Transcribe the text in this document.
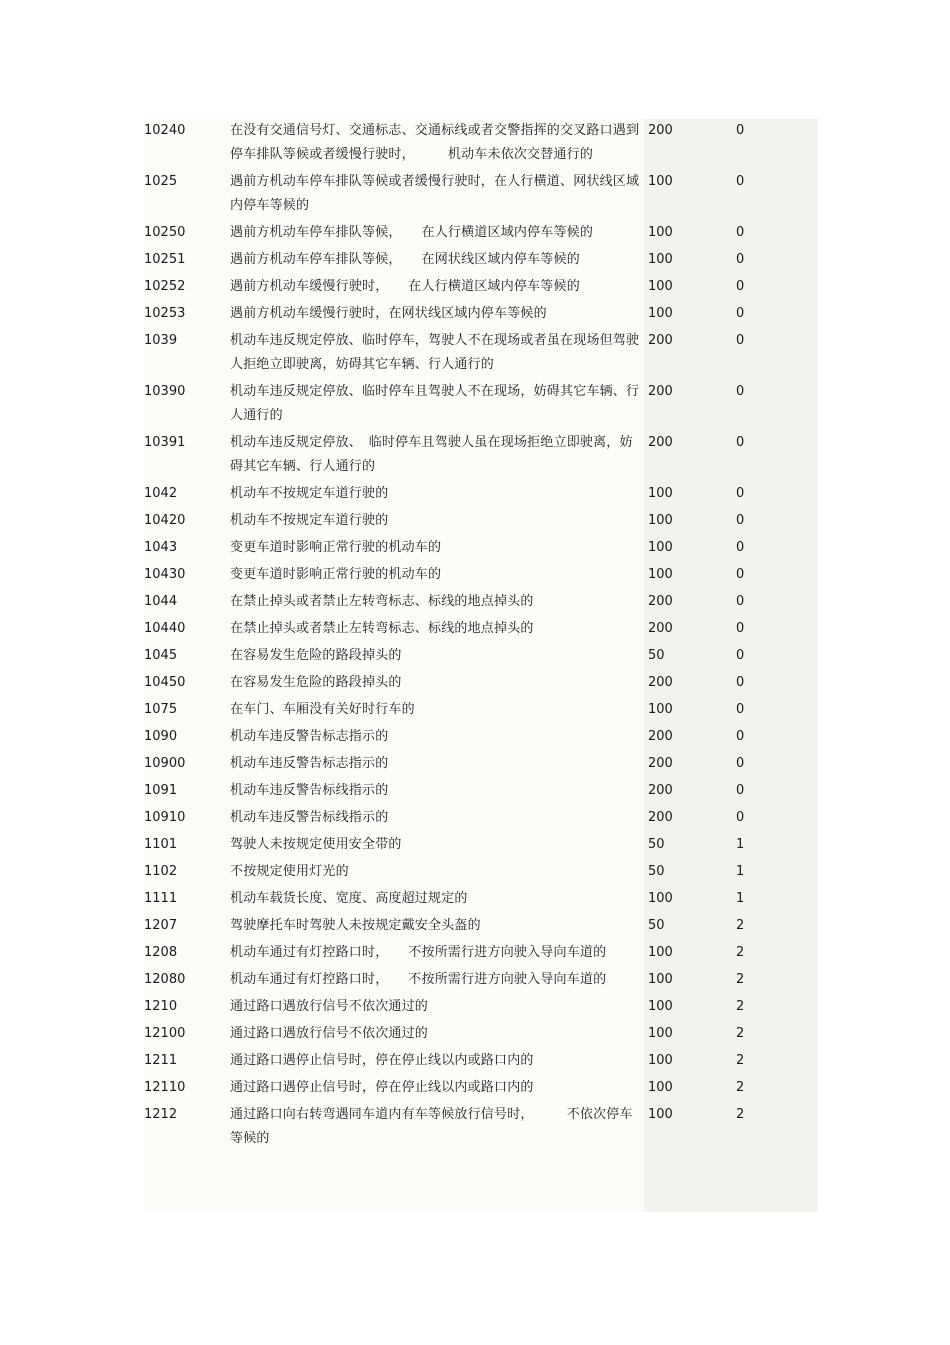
10240	在没有交通信号灯、交通标志、交通标线或者交警指挥的交叉路口遇到停车排队等候或者缓慢行驶时，　　　机动车未依次交替通行的	200	0
1025	遇前方机动车停车排队等候或者缓慢行驶时，在人行横道、网状线区域内停车等候的	100	0
10250	遇前方机动车停车排队等候，　　在人行横道区域内停车等候的	100	0
10251	遇前方机动车停车排队等候，　　在网状线区域内停车等候的	100	0
10252	遇前方机动车缓慢行驶时，　　在人行横道区域内停车等候的	100	0
10253	遇前方机动车缓慢行驶时，在网状线区域内停车等候的	100	0
1039	机动车违反规定停放、临时停车，驾驶人不在现场或者虽在现场但驾驶人拒绝立即驶离，妨碍其它车辆、行人通行的	200	0
10390	机动车违反规定停放、临时停车且驾驶人不在现场，妨碍其它车辆、行人通行的	200	0
10391	机动车违反规定停放、　临时停车且驾驶人虽在现场拒绝立即驶离，妨碍其它车辆、行人通行的	200	0
1042	机动车不按规定车道行驶的	100	0
10420	机动车不按规定车道行驶的	100	0
1043	变更车道时影响正常行驶的机动车的	100	0
10430	变更车道时影响正常行驶的机动车的	100	0
1044	在禁止掉头或者禁止左转弯标志、标线的地点掉头的	200	0
10440	在禁止掉头或者禁止左转弯标志、标线的地点掉头的	200	0
1045	在容易发生危险的路段掉头的	50	0
10450	在容易发生危险的路段掉头的	200	0
1075	在车门、车厢没有关好时行车的	100	0
1090	机动车违反警告标志指示的	200	0
10900	机动车违反警告标志指示的	200	0
1091	机动车违反警告标线指示的	200	0
10910	机动车违反警告标线指示的	200	0
1101	驾驶人未按规定使用安全带的	50	1
1102	不按规定使用灯光的	50	1
1111	机动车载货长度、宽度、高度超过规定的	100	1
1207	驾驶摩托车时驾驶人未按规定戴安全头盔的	50	2
1208	机动车通过有灯控路口时，　　不按所需行进方向驶入导向车道的	100	2
12080	机动车通过有灯控路口时，　　不按所需行进方向驶入导向车道的	100	2
1210	通过路口遇放行信号不依次通过的	100	2
12100	通过路口遇放行信号不依次通过的	100	2
1211	通过路口遇停止信号时，停在停止线以内或路口内的	100	2
12110	通过路口遇停止信号时，停在停止线以内或路口内的	100	2
1212	通过路口向右转弯遇同车道内有车等候放行信号时，　　　不依次停车等候的	100	2
